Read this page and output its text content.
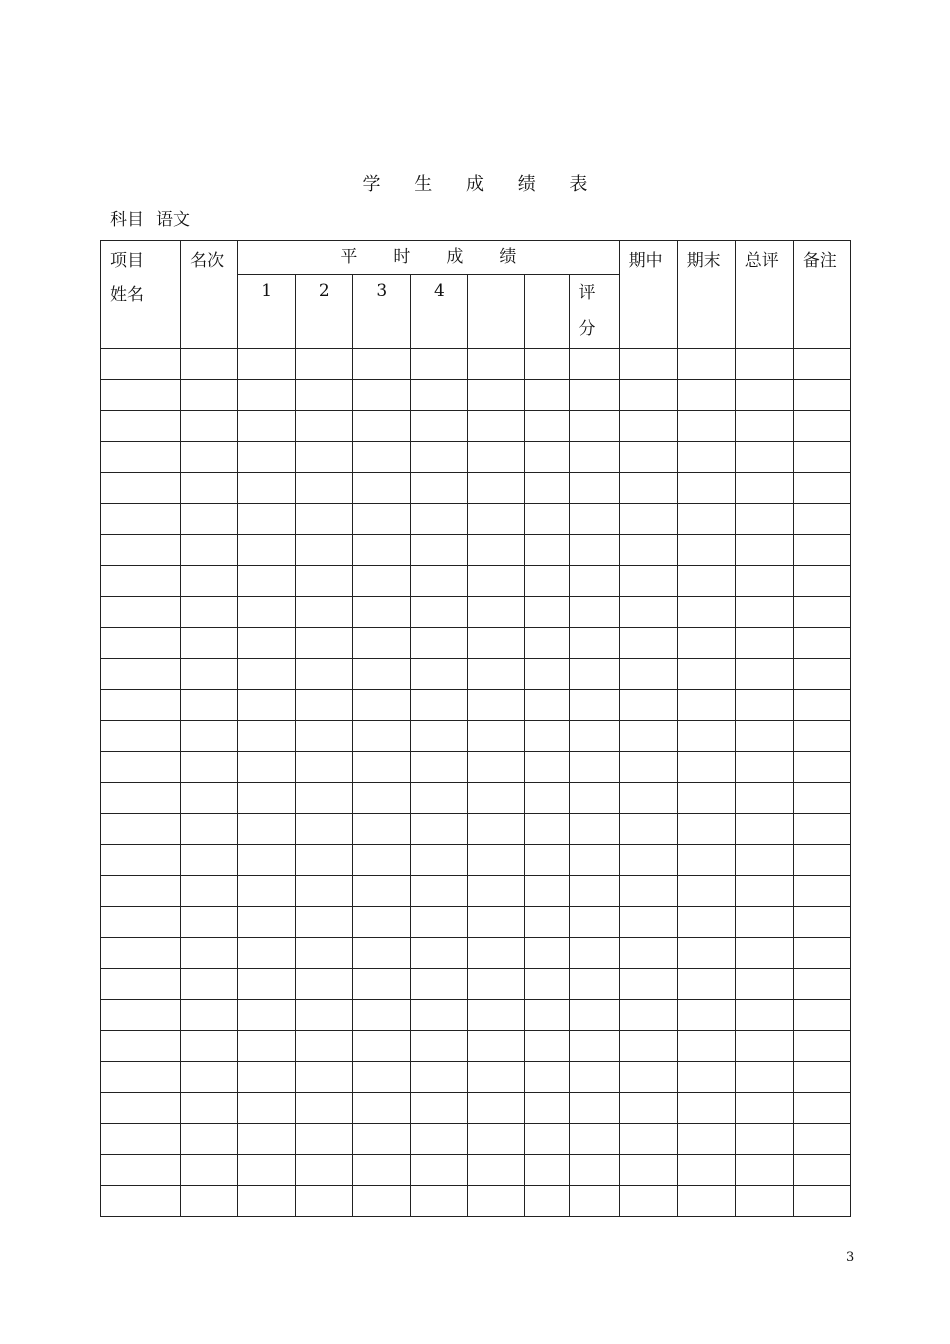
学 生 成 绩 表
科目 语文
项目
姓名	名次	平 时 成 绩							期中	期末	总评	备注
		1	2	3	4			评
分				

3
